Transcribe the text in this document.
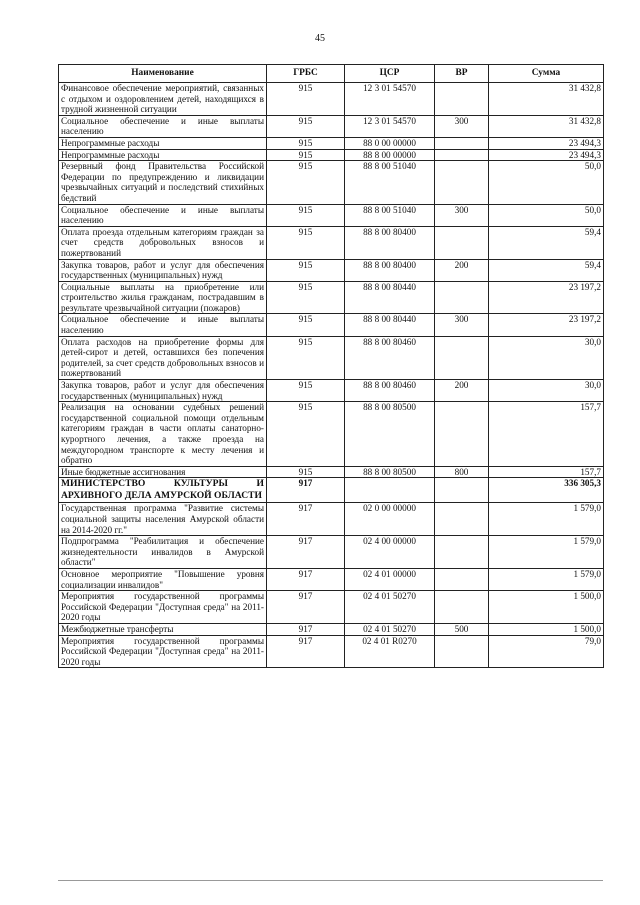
45
Наименование	ГРБС	ЦСР	ВР	Сумма
Финансовое обеспечение мероприятий, связанных с отдыхом и оздоровлением детей, находящихся в трудной жизненной ситуации	915	12 3 01 54570		31 432,8
Социальное обеспечение и иные выплаты населению	915	12 3 01 54570	300	31 432,8
Непрограммные расходы	915	88 0 00 00000		23 494,3
Непрограммные расходы	915	88 8 00 00000		23 494,3
Резервный фонд Правительства Российской Федерации по предупреждению и ликвидации чрезвычайных ситуаций и последствий стихийных бедствий	915	88 8 00 51040		50,0
Социальное обеспечение и иные выплаты населению	915	88 8 00 51040	300	50,0
Оплата проезда отдельным категориям граждан за счет средств добровольных взносов и пожертвований	915	88 8 00 80400		59,4
Закупка товаров, работ и услуг для обеспечения государственных (муниципальных) нужд	915	88 8 00 80400	200	59,4
Социальные выплаты на приобретение или строительство жилья гражданам, пострадавшим в результате чрезвычайной ситуации (пожаров)	915	88 8 00 80440		23 197,2
Социальное обеспечение и иные выплаты населению	915	88 8 00 80440	300	23 197,2
Оплата расходов на приобретение формы для детей-сирот и детей, оставшихся без попечения родителей, за счет средств добровольных взносов и пожертвований	915	88 8 00 80460		30,0
Закупка товаров, работ и услуг для обеспечения государственных (муниципальных) нужд	915	88 8 00 80460	200	30,0
Реализация на основании судебных решений государственной социальной помощи отдельным категориям граждан в части оплаты санаторно-курортного лечения, а также проезда на междугородном транспорте к месту лечения и обратно	915	88 8 00 80500		157,7
Иные бюджетные ассигнования	915	88 8 00 80500	800	157,7
МИНИСТЕРСТВО КУЛЬТУРЫ И АРХИВНОГО ДЕЛА АМУРСКОЙ ОБЛАСТИ	917			336 305,3
Государственная программа "Развитие системы социальной защиты населения Амурской области на 2014-2020 гг."	917	02 0 00 00000		1 579,0
Подпрограмма "Реабилитация и обеспечение жизнедеятельности инвалидов в Амурской области"	917	02 4 00 00000		1 579,0
Основное мероприятие "Повышение уровня социализации инвалидов"	917	02 4 01 00000		1 579,0
Мероприятия государственной программы Российской Федерации "Доступная среда" на 2011-2020 годы	917	02 4 01 50270		1 500,0
Межбюджетные трансферты	917	02 4 01 50270	500	1 500,0
Мероприятия государственной программы Российской Федерации "Доступная среда" на 2011-2020 годы	917	02 4 01 R0270		79,0
